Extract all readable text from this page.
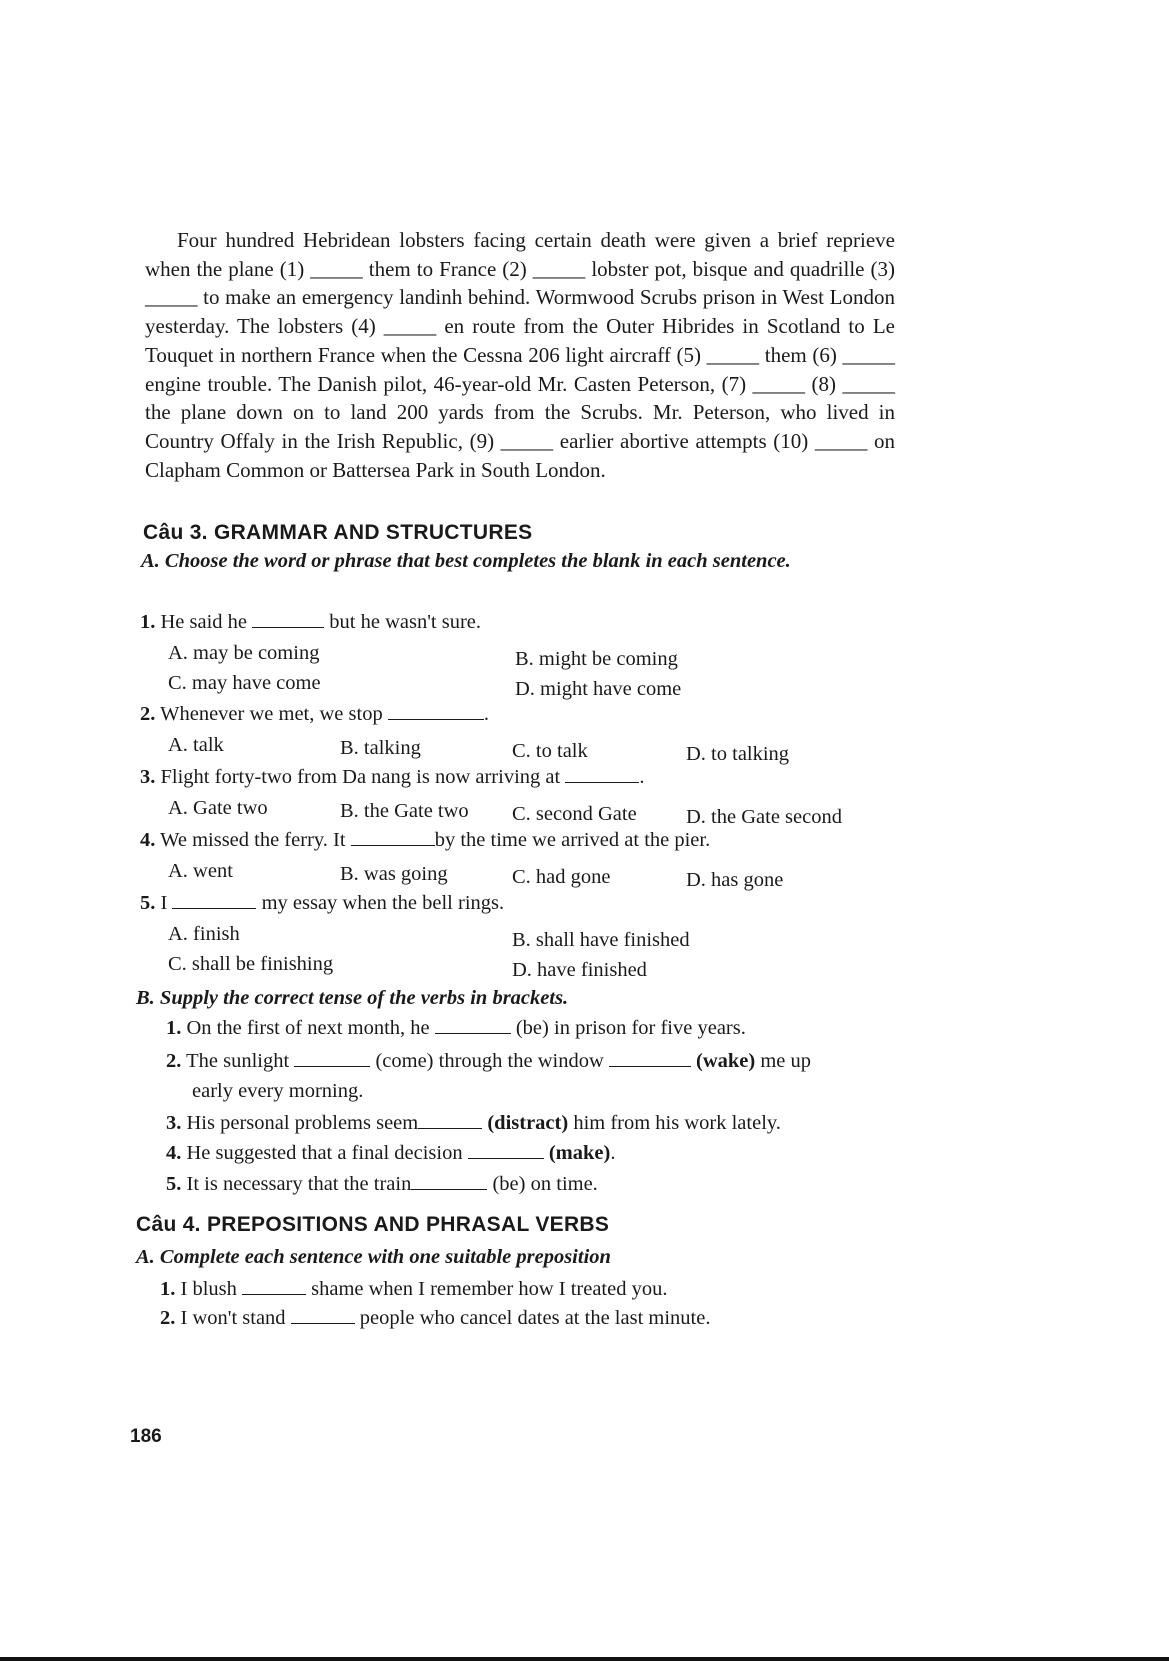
Four hundred Hebridean lobsters facing certain death were given a brief reprieve when the plane (1) _____ them to France (2) _____ lobster pot, bisque and quadrille (3) _____ to make an emergency landinh behind. Wormwood Scrubs prison in West London yesterday. The lobsters (4) _____ en route from the Outer Hibrides in Scotland to Le Touquet in northern France when the Cessna 206 light aircraff (5) _____ them (6) _____ engine trouble. The Danish pilot, 46-year-old Mr. Casten Peterson, (7) _____ (8) _____ the plane down on to land 200 yards from the Scrubs. Mr. Peterson, who lived in Country Offaly in the Irish Republic, (9) _____ earlier abortive attempts (10) _____ on Clapham Common or Battersea Park in South London.

Câu 3. GRAMMAR AND STRUCTURES
A. Choose the word or phrase that best completes the blank in each sentence.
1. He said he	but he wasn't sure.
A. may be coming	B. might be coming
C. may have come	D. might have come
2. Whenever we met, we stop	.
A. talk	B. talking	C. to talk	D. to talking
3. Flight forty-two from Da nang is now arriving at	.
A. Gate two	B. the Gate two C. second Gate D. the Gate second
4. We missed the ferry. It	by the time we arrived at the pier.
A. went	B. was going	C. had gone	D. has gone
5. I	my essay when the bell rings.
A. finish	B. shall have finished
C. shall be finishing	D. have finished
B. Supply the correct tense of the verbs in brackets.
1. On the first of next month, he	(be) in prison for five years.
2. The sunlight	(come) through the window	(wake) me up
early every morning.
3. His personal problems seem	(distract) him from his work lately.
4. He suggested that a final decision	(make).
5. It is necessary that the train	(be) on time.
Câu 4. PREPOSITIONS AND PHRASAL VERBS
A. Complete each sentence with one suitable preposition
1. I blush	shame when I remember how I treated you.
2. I won't stand	people who cancel dates at the last minute.
186
